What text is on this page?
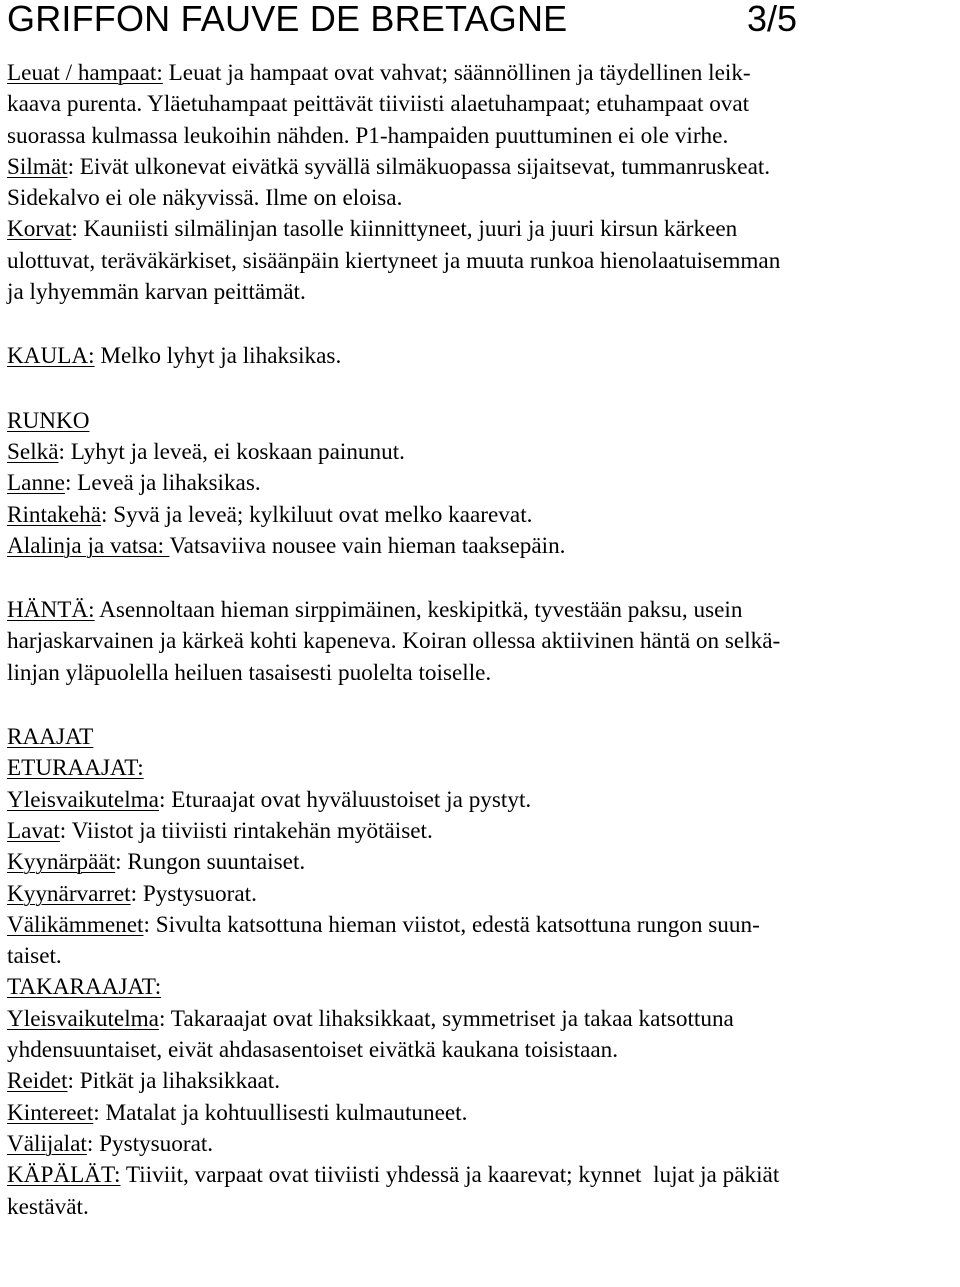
GRIFFON FAUVE DE BRETAGNE	3/5

Leuat / hampaat: Leuat ja hampaat ovat vahvat; säännöllinen ja täydellinen leik-
kaava purenta. Yläetuhampaat peittävät tiiviisti alaetuhampaat; etuhampaat ovat
suorassa kulmassa leukoihin nähden. P1-hampaiden puuttuminen ei ole virhe.

Silmät: Eivät ulkonevat eivätkä syvällä silmäkuopassa sijaitsevat, tummanruskeat.
Sidekalvo ei ole näkyvissä. Ilme on eloisa.

Korvat: Kauniisti silmälinjan tasolle kiinnittyneet, juuri ja juuri kirsun kärkeen
ulottuvat, teräväkärkiset, sisäänpäin kiertyneet ja muuta runkoa hienolaatuisemman
ja lyhyemmän karvan peittämät.

KAULA: Melko lyhyt ja lihaksikas.

RUNKO

Selkä: Lyhyt ja leveä, ei koskaan painunut.

Lanne: Leveä ja lihaksikas.

Rintakehä: Syvä ja leveä; kylkiluut ovat melko kaarevat.

Alalinja ja vatsa: Vatsaviiva nousee vain hieman taaksepäin.

HÄNTÄ: Asennoltaan hieman sirppimäinen, keskipitkä, tyvestään paksu, usein
harjaskarvainen ja kärkeä kohti kapeneva. Koiran ollessa aktiivinen häntä on selkä-
linjan yläpuolella heiluen tasaisesti puolelta toiselle.

RAAJAT

ETURAAJAT:

Yleisvaikutelma: Eturaajat ovat hyväluustoiset ja pystyt.

Lavat: Viistot ja tiiviisti rintakehän myötäiset.

Kyynärpäät: Rungon suuntaiset.

Kyynärvarret: Pystysuorat.

Välikämmenet: Sivulta katsottuna hieman viistot, edestä katsottuna rungon suun-
taiset.

TAKARAAJAT:

Yleisvaikutelma: Takaraajat ovat lihaksikkaat, symmetriset ja takaa katsottuna
yhdensuuntaiset, eivät ahdasasentoiset eivätkä kaukana toisistaan.

Reidet: Pitkät ja lihaksikkaat.

Kintereet: Matalat ja kohtuullisesti kulmautuneet.

Välijalat: Pystysuorat.

KÄPÄLÄT: Tiiviit, varpaat ovat tiiviisti yhdessä ja kaarevat; kynnet  lujat ja päkiät
kestävät.
